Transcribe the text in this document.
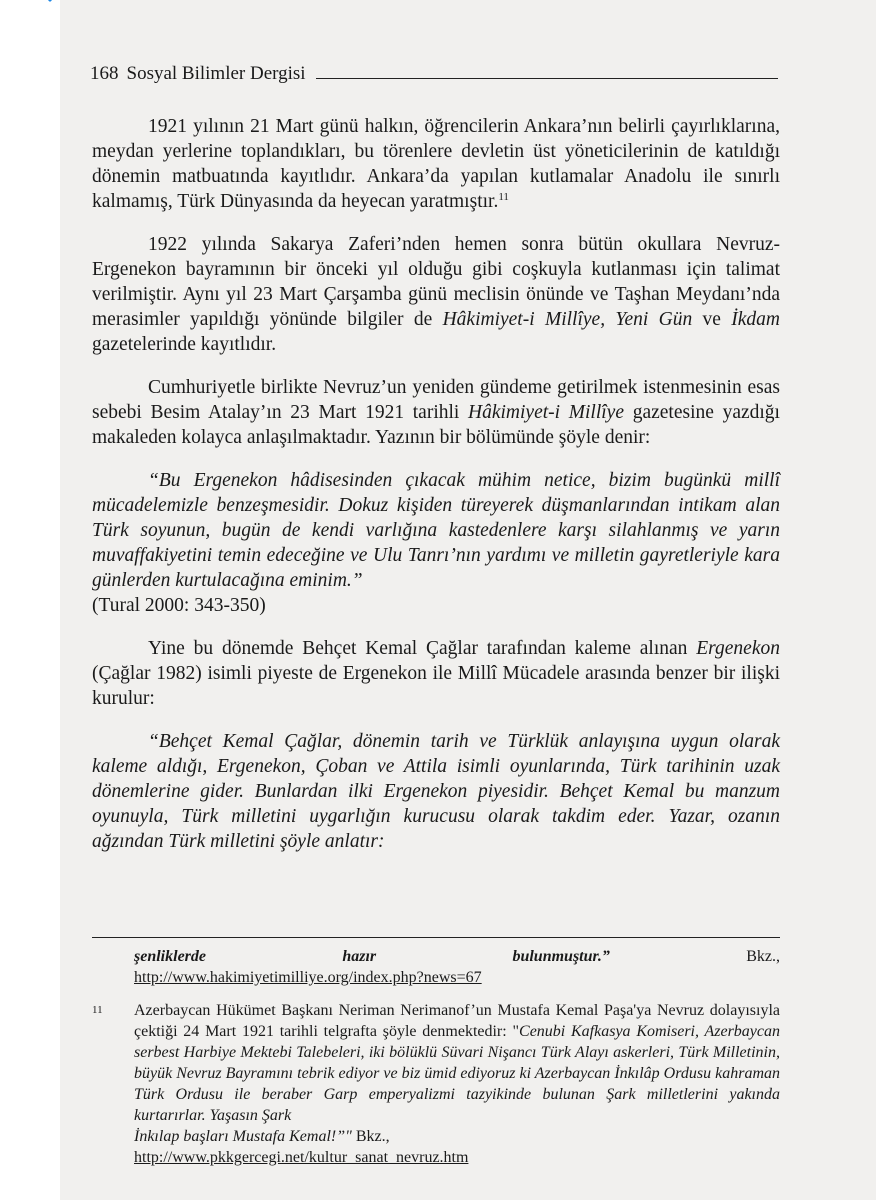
168 Sosyal Bilimler Dergisi

1921 yılının 21 Mart günü halkın, öğrencilerin Ankara’nın belirli çayırlıklarına, meydan yerlerine toplandıkları, bu törenlere devletin üst yöneticilerinin de katıldığı dönemin matbuatında kayıtlıdır. Ankara’da yapılan kutlamalar Anadolu ile sınırlı kalmamış, Türk Dünyasında da heyecan yaratmıştır.$^{11}$

1922 yılında Sakarya Zaferi’nden hemen sonra bütün okullara Nevruz-Ergenekon bayramının bir önceki yıl olduğu gibi coşkuyla kutlanması için talimat verilmiştir. Aynı yıl 23 Mart Çarşamba günü meclisin önünde ve Taşhan Meydanı’nda merasimler yapıldığı yönünde bilgiler de Hâkimiyet-i Millîye, Yeni Gün ve İkdam gazetelerinde kayıtlıdır.

Cumhuriyetle birlikte Nevruz’un yeniden gündeme getirilmek istenmesinin esas sebebi Besim Atalay’ın 23 Mart 1921 tarihli Hâkimiyet-i Millîye gazetesine yazdığı makaleden kolayca anlaşılmaktadır. Yazının bir bölümünde şöyle denir:

“Bu Ergenekon hâdisesinden çıkacak mühim netice, bizim bugünkü millî mücadelemizle benzeşmesidir. Dokuz kişiden türeyerek düşmanlarından intikam alan Türk soyunun, bugün de kendi varlığına kastedenlere karşı silahlanmış ve yarın muvaffakiyetini temin edeceğine ve Ulu Tanrı’nın yardımı ve milletin gayretleriyle kara günlerden kurtulacağına eminim.”
(Tural 2000: 343-350)

Yine bu dönemde Behçet Kemal Çağlar tarafından kaleme alınan Ergenekon (Çağlar 1982) isimli piyeste de Ergenekon ile Millî Mücadele arasında benzer bir ilişki kurulur:

“Behçet Kemal Çağlar, dönemin tarih ve Türklük anlayışına uygun olarak kaleme aldığı, Ergenekon, Çoban ve Attila isimli oyunlarında, Türk tarihinin uzak dönemlerine gider. Bunlardan ilki Ergenekon piyesidir. Behçet Kemal bu manzum oyunuyla, Türk milletini uygarlığın kurucusu olarak takdim eder. Yazar, ozanın ağzından Türk milletini şöyle anlatır:

şenliklerde	hazır	bulunmuştur.”	Bkz.,
http://www.hakimiyetimilliye.org/index.php?news=67
11	Azerbaycan Hükümet Başkanı Neriman Nerimanof’un Mustafa Kemal Paşa'ya Nevruz dolayısıyla çektiği 24 Mart 1921 tarihli telgrafta şöyle denmektedir: "Cenubi Kafkasya Komiseri, Azerbaycan serbest Harbiye Mektebi Talebeleri, iki bölüklü Süvari Nişancı Türk Alayı askerleri, Türk Milletinin, büyük Nevruz Bayramını tebrik ediyor ve biz ümid ediyoruz ki Azerbaycan İnkılâp Ordusu kahraman Türk Ordusu ile beraber Garp emperyalizmi tazyikinde bulunan Şark milletlerini yakında kurtarırlar. Yaşasın Şark
İnkılap başları Mustafa Kemal!”" Bkz.,
http://www.pkkgercegi.net/kultur_sanat_nevruz.htm
